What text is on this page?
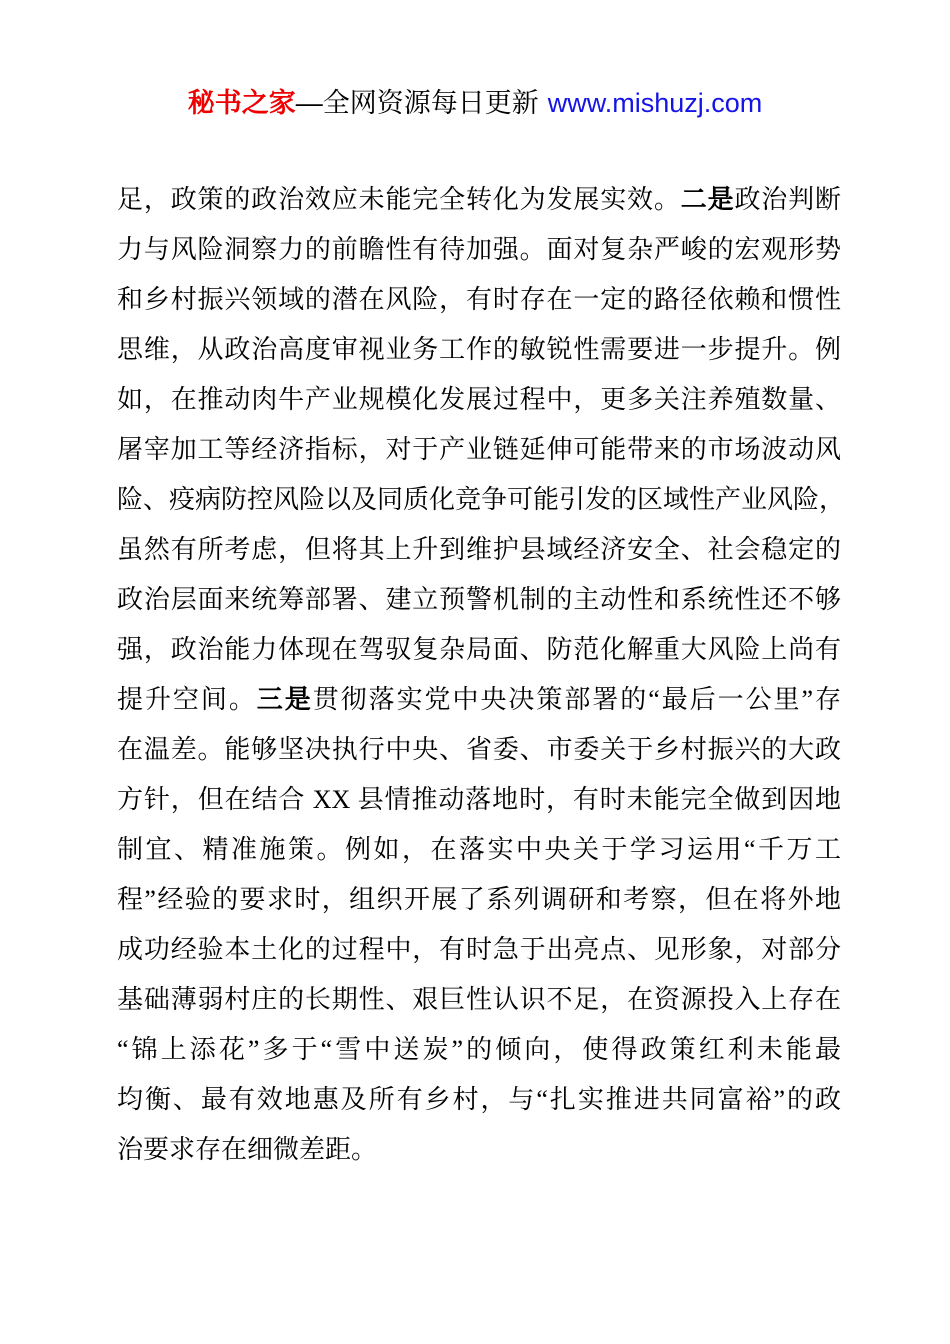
秘书之家—全网资源每日更新 www.mishuzj.com
足，政策的政治效应未能完全转化为发展实效。二是政治判断
力与风险洞察力的前瞻性有待加强。面对复杂严峻的宏观形势
和乡村振兴领域的潜在风险，有时存在一定的路径依赖和惯性
思维，从政治高度审视业务工作的敏锐性需要进一步提升。例
如，在推动肉牛产业规模化发展过程中，更多关注养殖数量、
屠宰加工等经济指标，对于产业链延伸可能带来的市场波动风
险、疫病防控风险以及同质化竞争可能引发的区域性产业风险，
虽然有所考虑，但将其上升到维护县域经济安全、社会稳定的
政治层面来统筹部署、建立预警机制的主动性和系统性还不够
强，政治能力体现在驾驭复杂局面、防范化解重大风险上尚有
提升空间。三是贯彻落实党中央决策部署的“最后一公里”存
在温差。能够坚决执行中央、省委、市委关于乡村振兴的大政
方针，但在结合 XX 县情推动落地时，有时未能完全做到因地
制宜、精准施策。例如，在落实中央关于学习运用“千万工
程”经验的要求时，组织开展了系列调研和考察，但在将外地
成功经验本土化的过程中，有时急于出亮点、见形象，对部分
基础薄弱村庄的长期性、艰巨性认识不足，在资源投入上存在
“锦上添花”多于“雪中送炭”的倾向，使得政策红利未能最
均衡、最有效地惠及所有乡村，与“扎实推进共同富裕”的政
治要求存在细微差距。
